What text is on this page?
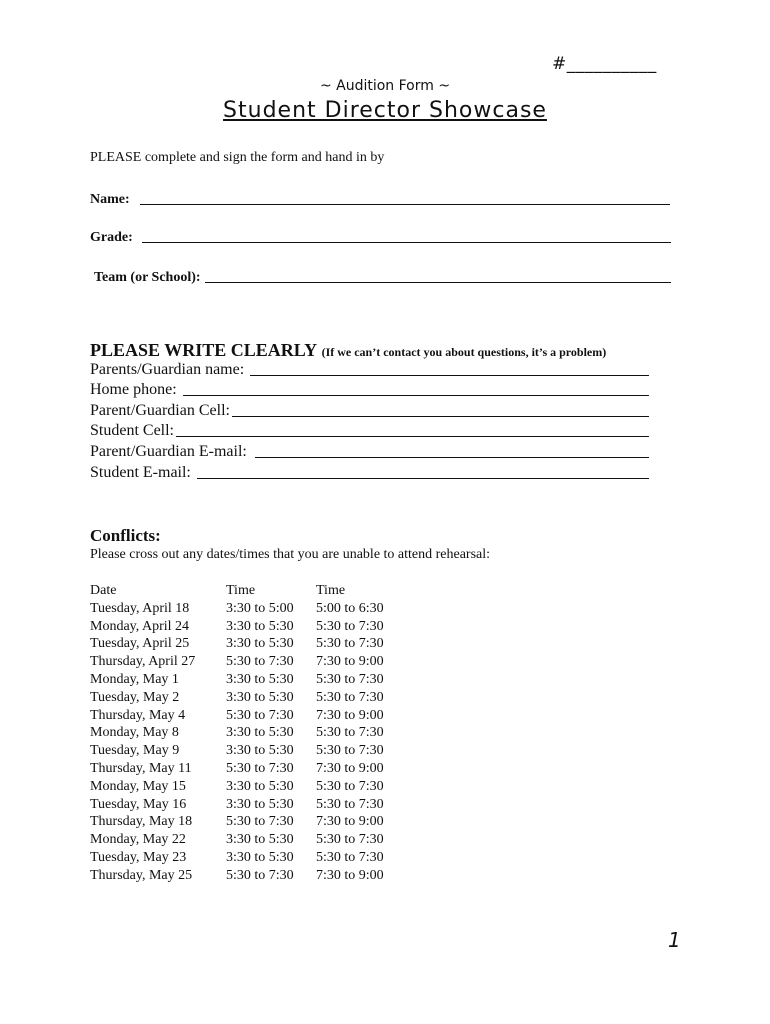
#__________
~ Audition Form ~
Student Director Showcase
PLEASE complete and sign the form and hand in by
Name:
Grade:
Team (or School):
PLEASE WRITE CLEARLY (If we can’t contact you about questions, it’s a problem)
Parents/Guardian name:
Home phone:
Parent/Guardian Cell:
Student Cell:
Parent/Guardian E-mail:
Student E-mail:
Conflicts:
Please cross out any dates/times that you are unable to attend rehearsal:
Date	Time	Time
Tuesday, April 18	3:30 to 5:00	5:00 to 6:30
Monday, April 24	3:30 to 5:30	5:30 to 7:30
Tuesday, April 25	3:30 to 5:30	5:30 to 7:30
Thursday, April 27	5:30 to 7:30	7:30 to 9:00
Monday, May 1	3:30 to 5:30	5:30 to 7:30
Tuesday, May 2	3:30 to 5:30	5:30 to 7:30
Thursday, May 4	5:30 to 7:30	7:30 to 9:00
Monday, May 8	3:30 to 5:30	5:30 to 7:30
Tuesday, May 9	3:30 to 5:30	5:30 to 7:30
Thursday, May 11	5:30 to 7:30	7:30 to 9:00
Monday, May 15	3:30 to 5:30	5:30 to 7:30
Tuesday, May 16	3:30 to 5:30	5:30 to 7:30
Thursday, May 18	5:30 to 7:30	7:30 to 9:00
Monday, May 22	3:30 to 5:30	5:30 to 7:30
Tuesday, May 23	3:30 to 5:30	5:30 to 7:30
Thursday, May 25	5:30 to 7:30	7:30 to 9:00
1
